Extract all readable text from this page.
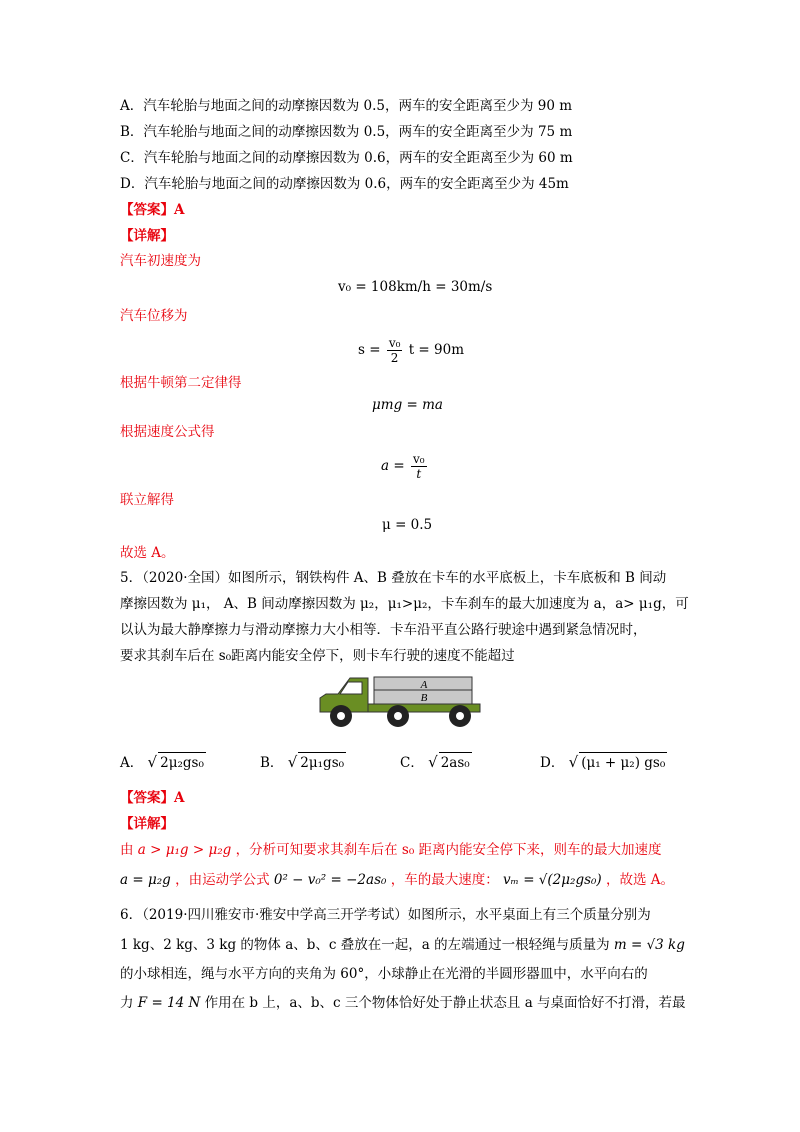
A．汽车轮胎与地面之间的动摩擦因数为 0.5，两车的安全距离至少为 90 m
B．汽车轮胎与地面之间的动摩擦因数为 0.5，两车的安全距离至少为 75 m
C．汽车轮胎与地面之间的动摩擦因数为 0.6，两车的安全距离至少为 60 m
D．汽车轮胎与地面之间的动摩擦因数为 0.6，两车的安全距离至少为 45m
【答案】A
【详解】
汽车初速度为
v₀ = 108km/h = 30m/s
汽车位移为
$s = \frac{\text{v₀}}{2}$ t = 90m
根据牛顿第二定律得
μmg = ma
根据速度公式得
$a = \frac{\text{v₀}}{t}$
联立解得
μ = 0.5
故选 A。
5．（2020·全国）如图所示，钢铁构件 A、B 叠放在卡车的水平底板上，卡车底板和 B 间动
摩擦因数为 μ₁， A、B 间动摩擦因数为 μ₂，μ₁>μ₂，卡车刹车的最大加速度为 a，a> μ₁g，可
以认为最大静摩擦力与滑动摩擦力大小相等．卡车沿平直公路行驶途中遇到紧急情况时，
要求其刹车后在 s₀距离内能安全停下，则卡车行驶的速度不能超过
A
B
A． √ 2μ₂gs₀	B． √ 2μ₁gs₀	C． √ 2as₀	D． √ (μ₁ + μ₂) gs₀
【答案】A
【详解】
由 a > μ₁g > μ₂g ，分析可知要求其刹车后在 s₀ 距离内能安全停下来，则车的最大加速度
a = μ₂g ，由运动学公式 0² − v₀² = −2as₀ ，车的最大速度： vₘ = √(2μ₂gs₀) ，故选 A。
6．（2019·四川雅安市·雅安中学高三开学考试）如图所示，水平桌面上有三个质量分别为
1 kg、2 kg、3 kg 的物体 a、b、c 叠放在一起，a 的左端通过一根轻绳与质量为 m = √3 kg
的小球相连，绳与水平方向的夹角为 60°，小球静止在光滑的半圆形器皿中，水平向右的
力 F = 14 N 作用在 b 上，a、b、c 三个物体恰好处于静止状态且 a 与桌面恰好不打滑，若最
